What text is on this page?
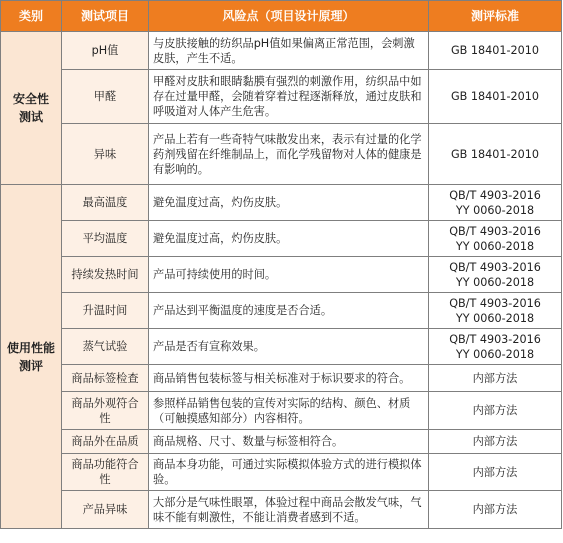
类别	测试项目	风险点（项目设计原理）	测评标准
安全性
测试	pH值	与皮肤接触的纺织品pH值如果偏离正常范围，会刺激皮肤，产生不适。	GB 18401-2010
	甲醛	甲醛对皮肤和眼睛黏膜有强烈的刺激作用，纺织品中如存在过量甲醛，会随着穿着过程逐渐释放，通过皮肤和呼吸道对人体产生危害。	GB 18401-2010
	异味	产品上若有一些奇特气味散发出来，表示有过量的化学药剂残留在纤维制品上，而化学残留物对人体的健康是有影响的。	GB 18401-2010
使用性能
测评	最高温度	避免温度过高，灼伤皮肤。	QB/T 4903-2016
YY 0060-2018
	平均温度	避免温度过高，灼伤皮肤。	QB/T 4903-2016
YY 0060-2018
	持续发热时间	产品可持续使用的时间。	QB/T 4903-2016
YY 0060-2018
	升温时间	产品达到平衡温度的速度是否合适。	QB/T 4903-2016
YY 0060-2018
	蒸气试验	产品是否有宣称效果。	QB/T 4903-2016
YY 0060-2018
	商品标签检查	商品销售包装标签与相关标准对于标识要求的符合。	内部方法
	商品外观符合性	参照样品销售包装的宣传对实际的结构、颜色、材质（可触摸感知部分）内容相符。	内部方法
	商品外在品质	商品规格、尺寸、数量与标签相符合。	内部方法
	商品功能符合性	商品本身功能，可通过实际模拟体验方式的进行模拟体验。	内部方法
	产品异味	大部分是气味性眼罩，体验过程中商品会散发气味，气味不能有刺激性，不能让消费者感到不适。	内部方法
